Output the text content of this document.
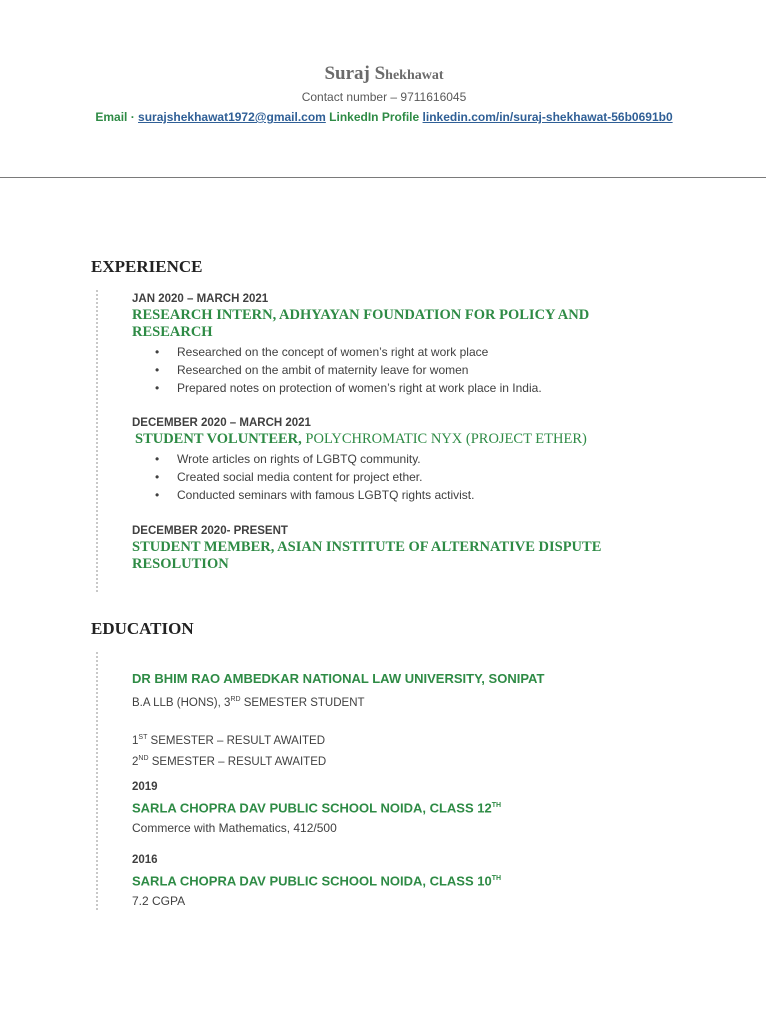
Suraj Shekhawat
Contact number – 9711616045
Email · surajshekhawat1972@gmail.com LinkedIn Profile linkedin.com/in/suraj-shekhawat-56b0691b0
EXPERIENCE
JAN 2020 – MARCH 2021
RESEARCH INTERN, ADHYAYAN FOUNDATION FOR POLICY AND RESEARCH
• Researched on the concept of women’s right at work place
• Researched on the ambit of maternity leave for women
• Prepared notes on protection of women’s right at work place in India.
DECEMBER 2020 – MARCH 2021
STUDENT VOLUNTEER, POLYCHROMATIC NYX (PROJECT ETHER)
• Wrote articles on rights of LGBTQ community.
• Created social media content for project ether.
• Conducted seminars with famous LGBTQ rights activist.
DECEMBER 2020- PRESENT
STUDENT MEMBER, ASIAN INSTITUTE OF ALTERNATIVE DISPUTE RESOLUTION
EDUCATION
DR BHIM RAO AMBEDKAR NATIONAL LAW UNIVERSITY, SONIPAT
B.A LLB (HONS), 3RD SEMESTER STUDENT
1ST SEMESTER – RESULT AWAITED
2ND SEMESTER – RESULT AWAITED
2019
SARLA CHOPRA DAV PUBLIC SCHOOL NOIDA, CLASS 12TH
Commerce with Mathematics, 412/500
2016
SARLA CHOPRA DAV PUBLIC SCHOOL NOIDA, CLASS 10TH
7.2 CGPA
